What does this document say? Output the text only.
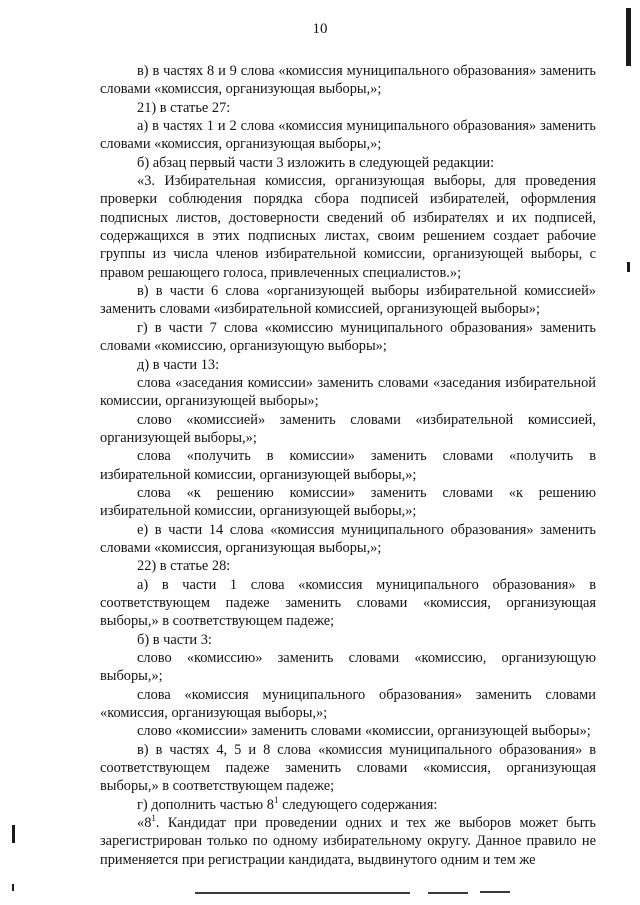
10

в) в частях 8 и 9 слова «комиссия муниципального образования» заменить словами «комиссия, организующая выборы,»;

21) в статье 27:

а) в частях 1 и 2 слова «комиссия муниципального образования» заменить словами «комиссия, организующая выборы,»;

б) абзац первый части 3 изложить в следующей редакции:

«3. Избирательная комиссия, организующая выборы, для проведения проверки соблюдения порядка сбора подписей избирателей, оформления подписных листов, достоверности сведений об избирателях и их подписей, содержащихся в этих подписных листах, своим решением создает рабочие группы из числа членов избирательной комиссии, организующей выборы, с правом решающего голоса, привлеченных специалистов.»;

в) в части 6 слова «организующей выборы избирательной комиссией» заменить словами «избирательной комиссией, организующей выборы»;

г) в части 7 слова «комиссию муниципального образования» заменить словами «комиссию, организующую выборы»;

д) в части 13:

слова «заседания комиссии» заменить словами «заседания избирательной комиссии, организующей выборы»;

слово «комиссией» заменить словами «избирательной комиссией, организующей выборы,»;

слова «получить в комиссии» заменить словами «получить в избирательной комиссии, организующей выборы,»;

слова «к решению комиссии» заменить словами «к решению избирательной комиссии, организующей выборы,»;

е) в части 14 слова «комиссия муниципального образования» заменить словами «комиссия, организующая выборы,»;

22) в статье 28:

а) в части 1 слова «комиссия муниципального образования» в соответствующем падеже заменить словами «комиссия, организующая выборы,» в соответствующем падеже;

б) в части 3:

слово «комиссию» заменить словами «комиссию, организующую выборы,»;

слова «комиссия муниципального образования» заменить словами «комиссия, организующая выборы,»;

слово «комиссии» заменить словами «комиссии, организующей выборы»;

в) в частях 4, 5 и 8 слова «комиссия муниципального образования» в соответствующем падеже заменить словами «комиссия, организующая выборы,» в соответствующем падеже;

г) дополнить частью $8^1$ следующего содержания:

«$8^1$. Кандидат при проведении одних и тех же выборов может быть зарегистрирован только по одному избирательному округу. Данное правило не применяется при регистрации кандидата, выдвинутого одним и тем же
